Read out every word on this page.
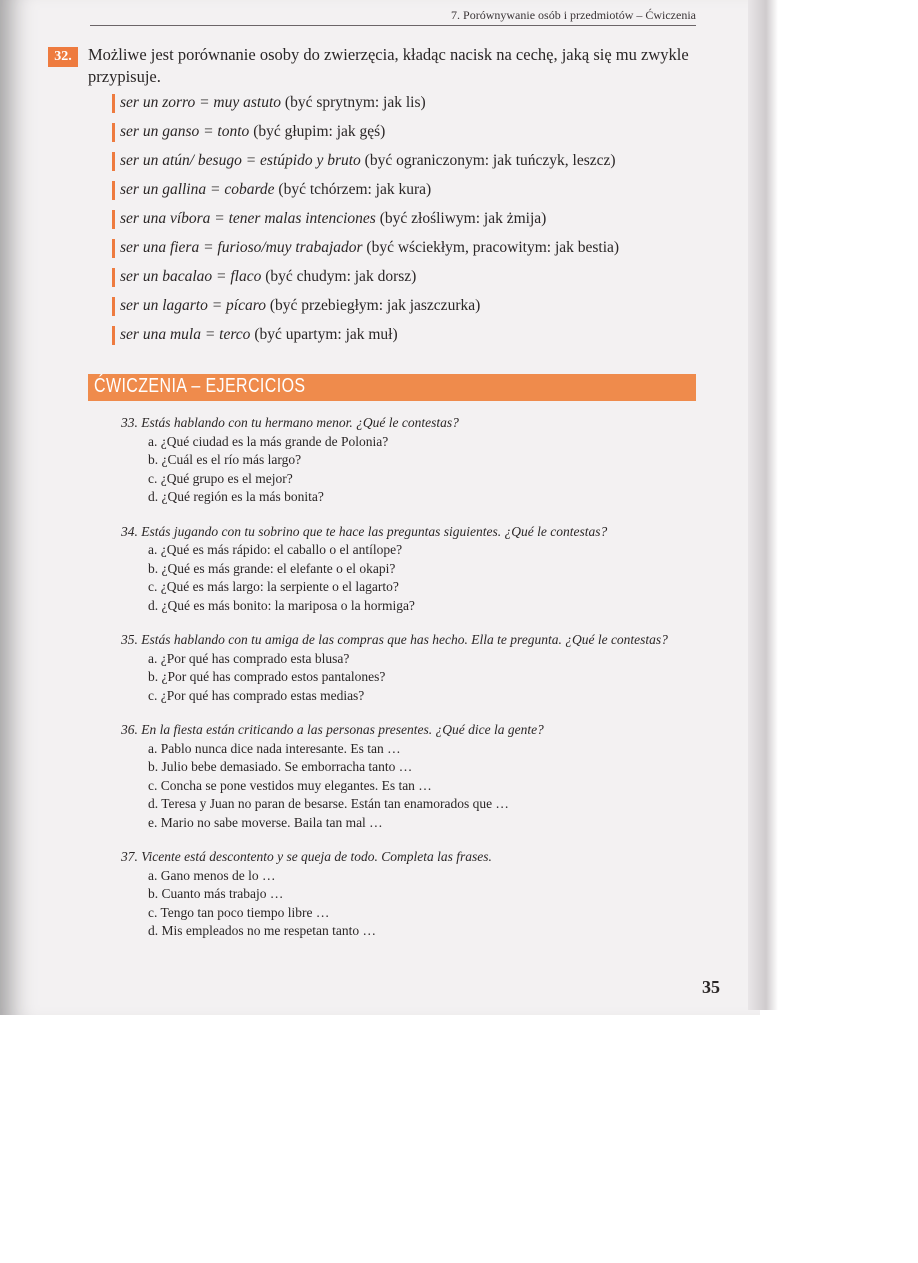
7. Porównywanie osób i przedmiotów – Ćwiczenia
32. Możliwe jest porównanie osoby do zwierzęcia, kładąc nacisk na cechę, jaką się mu zwykle przypisuje.
ser un zorro = muy astuto (być sprytnym: jak lis)
ser un ganso = tonto (być głupim: jak gęś)
ser un atún/ besugo = estúpido y bruto (być ograniczonym: jak tuńczyk, leszcz)
ser un gallina = cobarde (być tchórzem: jak kura)
ser una víbora = tener malas intenciones (być złośliwym: jak żmija)
ser una fiera = furioso/muy trabajador (być wściekłym, pracowitym: jak bestia)
ser un bacalao = flaco (być chudym: jak dorsz)
ser un lagarto = pícaro (być przebiegłym: jak jaszczurka)
ser una mula = terco (być upartym: jak muł)
ĆWICZENIA – EJERCICIOS
33. Estás hablando con tu hermano menor. ¿Qué le contestas?
a. ¿Qué ciudad es la más grande de Polonia?
b. ¿Cuál es el río más largo?
c. ¿Qué grupo es el mejor?
d. ¿Qué región es la más bonita?
34. Estás jugando con tu sobrino que te hace las preguntas siguientes. ¿Qué le contestas?
a. ¿Qué es más rápido: el caballo o el antílope?
b. ¿Qué es más grande: el elefante o el okapi?
c. ¿Qué es más largo: la serpiente o el lagarto?
d. ¿Qué es más bonito: la mariposa o la hormiga?
35. Estás hablando con tu amiga de las compras que has hecho. Ella te pregunta. ¿Qué le contestas?
a. ¿Por qué has comprado esta blusa?
b. ¿Por qué has comprado estos pantalones?
c. ¿Por qué has comprado estas medias?
36. En la fiesta están criticando a las personas presentes. ¿Qué dice la gente?
a. Pablo nunca dice nada interesante. Es tan …
b. Julio bebe demasiado. Se emborracha tanto …
c. Concha se pone vestidos muy elegantes. Es tan …
d. Teresa y Juan no paran de besarse. Están tan enamorados que …
e. Mario no sabe moverse. Baila tan mal …
37. Vicente está descontento y se queja de todo. Completa las frases.
a. Gano menos de lo …
b. Cuanto más trabajo …
c. Tengo tan poco tiempo libre …
d. Mis empleados no me respetan tanto …
35
